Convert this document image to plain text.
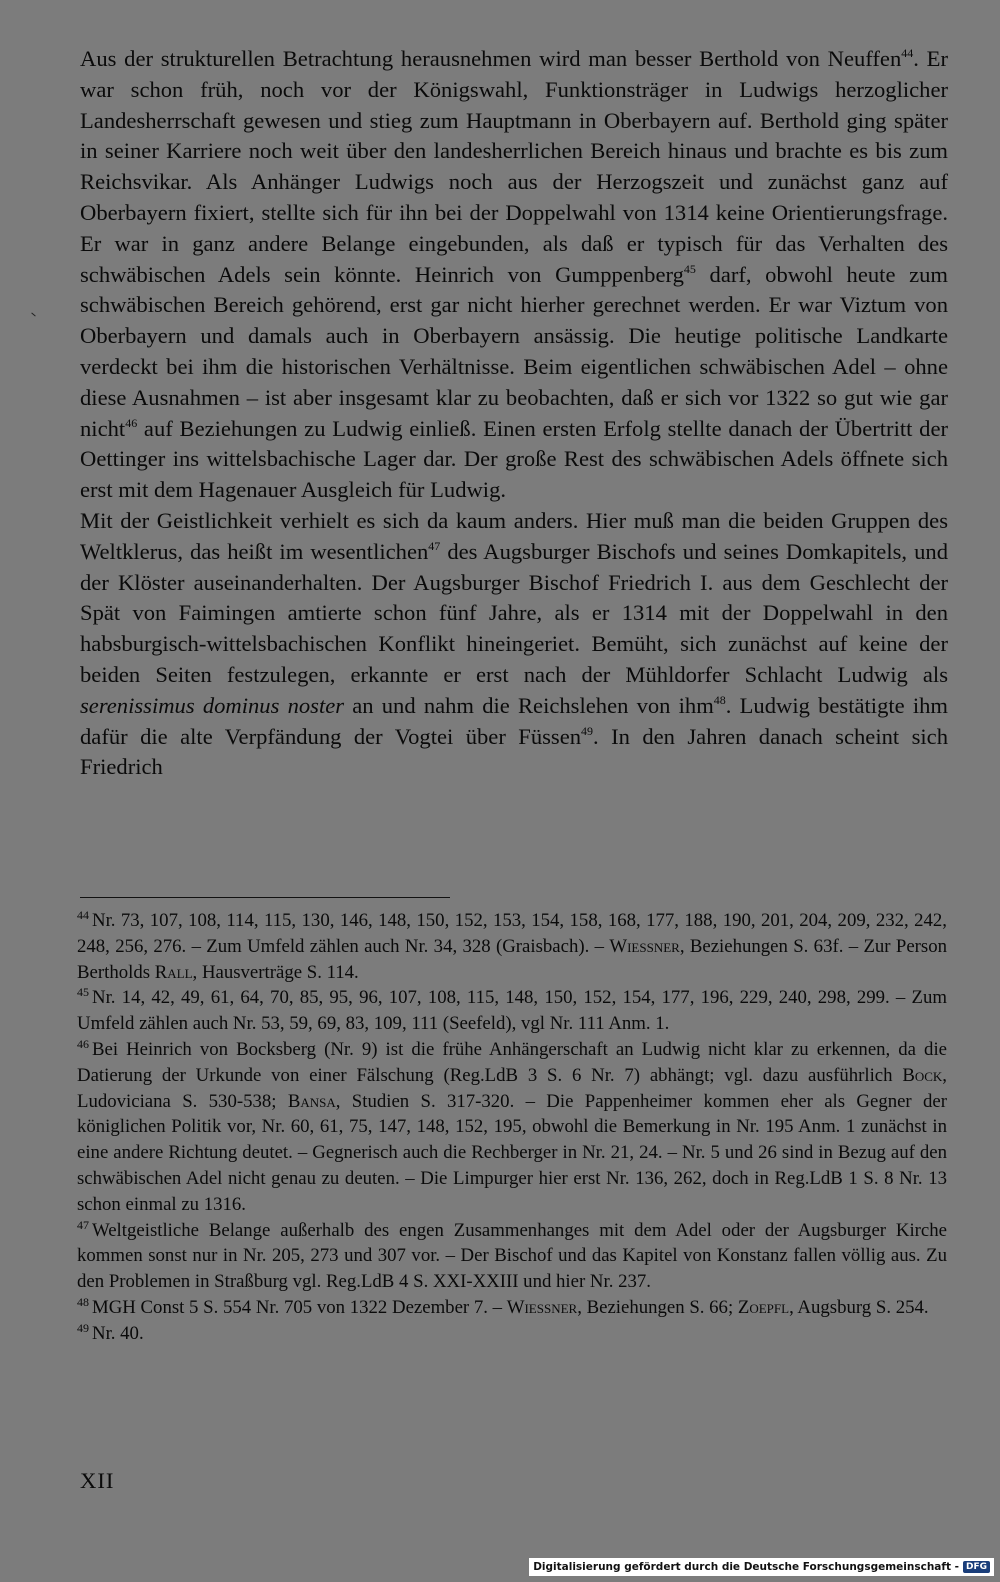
Aus der strukturellen Betrachtung herausnehmen wird man besser Berthold von Neuffen$^{44}$. Er war schon früh, noch vor der Königswahl, Funktionsträger in Ludwigs herzoglicher Landesherrschaft gewesen und stieg zum Hauptmann in Oberbayern auf. Berthold ging später in seiner Karriere noch weit über den landesherrlichen Bereich hinaus und brachte es bis zum Reichsvikar. Als Anhänger Ludwigs noch aus der Herzogszeit und zunächst ganz auf Oberbayern fixiert, stellte sich für ihn bei der Doppelwahl von 1314 keine Orientierungsfrage. Er war in ganz andere Belange eingebunden, als daß er typisch für das Verhalten des schwäbischen Adels sein könnte. Heinrich von Gumppenberg$^{45}$ darf, obwohl heute zum schwäbischen Bereich gehörend, erst gar nicht hierher gerechnet werden. Er war Viztum von Oberbayern und damals auch in Oberbayern ansässig. Die heutige politische Landkarte verdeckt bei ihm die historischen Verhältnisse. Beim eigentlichen schwäbischen Adel – ohne diese Ausnahmen – ist aber insgesamt klar zu beobachten, daß er sich vor 1322 so gut wie gar nicht$^{46}$ auf Beziehungen zu Ludwig einließ. Einen ersten Erfolg stellte danach der Übertritt der Oettinger ins wittelsbachische Lager dar. Der große Rest des schwäbischen Adels öffnete sich erst mit dem Hagenauer Ausgleich für Ludwig.

Mit der Geistlichkeit verhielt es sich da kaum anders. Hier muß man die beiden Gruppen des Weltklerus, das heißt im wesentlichen$^{47}$ des Augsburger Bischofs und seines Domkapitels, und der Klöster auseinanderhalten. Der Augsburger Bischof Friedrich I. aus dem Geschlecht der Spät von Faimingen amtierte schon fünf Jahre, als er 1314 mit der Doppelwahl in den habsburgisch-wittelsbachischen Konflikt hineingeriet. Bemüht, sich zunächst auf keine der beiden Seiten festzulegen, erkannte er erst nach der Mühldorfer Schlacht Ludwig als serenissimus dominus noster an und nahm die Reichslehen von ihm$^{48}$. Ludwig bestätigte ihm dafür die alte Verpfändung der Vogtei über Füssen$^{49}$. In den Jahren danach scheint sich Friedrich

$^{44}$ Nr. 73, 107, 108, 114, 115, 130, 146, 148, 150, 152, 153, 154, 158, 168, 177, 188, 190, 201, 204, 209, 232, 242, 248, 256, 276. – Zum Umfeld zählen auch Nr. 34, 328 (Graisbach). – Wiessner, Beziehungen S. 63f. – Zur Person Bertholds Rall, Hausverträge S. 114.

$^{45}$ Nr. 14, 42, 49, 61, 64, 70, 85, 95, 96, 107, 108, 115, 148, 150, 152, 154, 177, 196, 229, 240, 298, 299. – Zum Umfeld zählen auch Nr. 53, 59, 69, 83, 109, 111 (Seefeld), vgl Nr. 111 Anm. 1.

$^{46}$ Bei Heinrich von Bocksberg (Nr. 9) ist die frühe Anhängerschaft an Ludwig nicht klar zu erkennen, da die Datierung der Urkunde von einer Fälschung (Reg.LdB 3 S. 6 Nr. 7) abhängt; vgl. dazu ausführlich Bock, Ludoviciana S. 530-538; Bansa, Studien S. 317-320. – Die Pappenheimer kommen eher als Gegner der königlichen Politik vor, Nr. 60, 61, 75, 147, 148, 152, 195, obwohl die Bemerkung in Nr. 195 Anm. 1 zunächst in eine andere Richtung deutet. – Gegnerisch auch die Rechberger in Nr. 21, 24. – Nr. 5 und 26 sind in Bezug auf den schwäbischen Adel nicht genau zu deuten. – Die Limpurger hier erst Nr. 136, 262, doch in Reg.LdB 1 S. 8 Nr. 13 schon einmal zu 1316.

$^{47}$ Weltgeistliche Belange außerhalb des engen Zusammenhanges mit dem Adel oder der Augsburger Kirche kommen sonst nur in Nr. 205, 273 und 307 vor. – Der Bischof und das Kapitel von Konstanz fallen völlig aus. Zu den Problemen in Straßburg vgl. Reg.LdB 4 S. XXI-XXIII und hier Nr. 237.

$^{48}$ MGH Const 5 S. 554 Nr. 705 von 1322 Dezember 7. – Wiessner, Beziehungen S. 66; Zoepfl, Augsburg S. 254.

$^{49}$ Nr. 40.

XII
Digitalisierung gefördert durch die Deutsche Forschungsgemeinschaft - DFG
